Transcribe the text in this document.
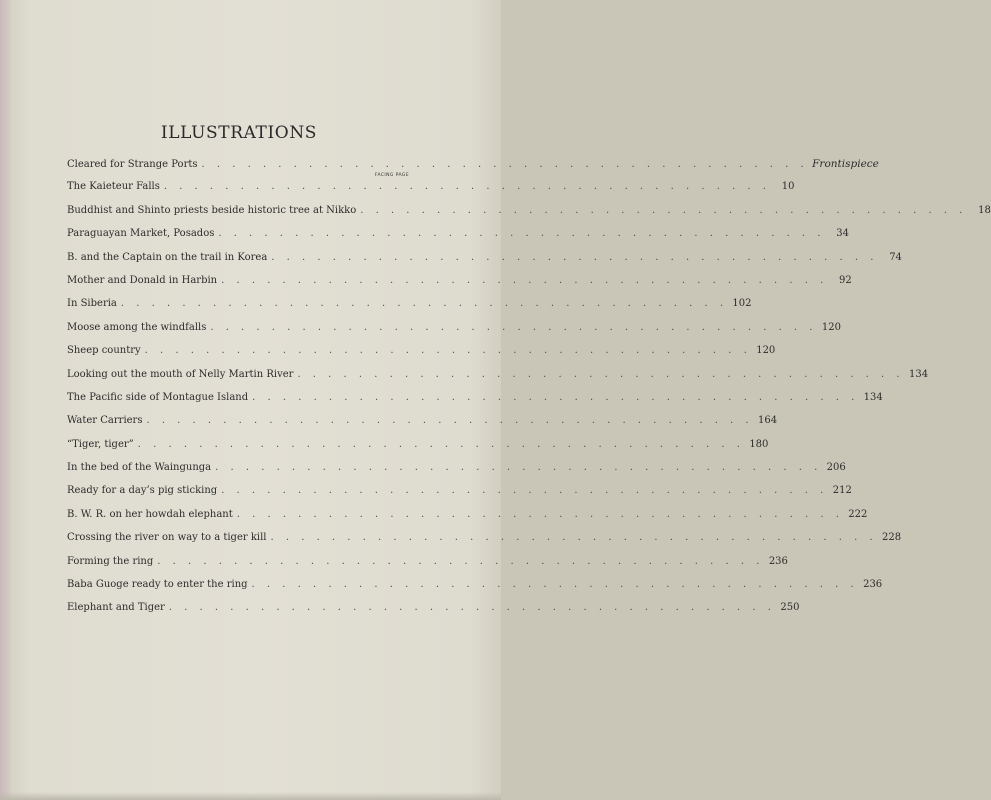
ILLUSTRATIONS
FACING PAGE
Cleared for Strange Ports . . . . . . . . . . . . . . . . . . . . . . . . . . . . . . . . . . . . . . . . Frontispiece
The Kaieteur Falls . . . . . . . . . . . . . . . . . . . . . . . . . . . . . . . . . . . . . . . .	10
Buddhist and Shinto priests beside historic tree at Nikko . . . . . . . . . . . . . . . . . . . . . . . . . . . . . . . . . . . . . . . .	18
Paraguayan Market, Posados . . . . . . . . . . . . . . . . . . . . . . . . . . . . . . . . . . . . . . . .	34
B. and the Captain on the trail in Korea . . . . . . . . . . . . . . . . . . . . . . . . . . . . . . . . . . . . . . . .	74
Mother and Donald in Harbin . . . . . . . . . . . . . . . . . . . . . . . . . . . . . . . . . . . . . . . .	92
In Siberia . . . . . . . . . . . . . . . . . . . . . . . . . . . . . . . . . . . . . . . . 102
Moose among the windfalls . . . . . . . . . . . . . . . . . . . . . . . . . . . . . . . . . . . . . . . . 120
Sheep country . . . . . . . . . . . . . . . . . . . . . . . . . . . . . . . . . . . . . . . . 120
Looking out the mouth of Nelly Martin River . . . . . . . . . . . . . . . . . . . . . . . . . . . . . . . . . . . . . . . . 134
The Pacific side of Montague Island . . . . . . . . . . . . . . . . . . . . . . . . . . . . . . . . . . . . . . . . 134
Water Carriers . . . . . . . . . . . . . . . . . . . . . . . . . . . . . . . . . . . . . . . . 164
“Tiger, tiger” . . . . . . . . . . . . . . . . . . . . . . . . . . . . . . . . . . . . . . . . 180
In the bed of the Waingunga . . . . . . . . . . . . . . . . . . . . . . . . . . . . . . . . . . . . . . . . 206
Ready for a day’s pig sticking . . . . . . . . . . . . . . . . . . . . . . . . . . . . . . . . . . . . . . . . 212
B. W. R. on her howdah elephant . . . . . . . . . . . . . . . . . . . . . . . . . . . . . . . . . . . . . . . . 222
Crossing the river on way to a tiger kill . . . . . . . . . . . . . . . . . . . . . . . . . . . . . . . . . . . . . . . . 228
Forming the ring . . . . . . . . . . . . . . . . . . . . . . . . . . . . . . . . . . . . . . . . 236
Baba Guoge ready to enter the ring . . . . . . . . . . . . . . . . . . . . . . . . . . . . . . . . . . . . . . . . 236
Elephant and Tiger . . . . . . . . . . . . . . . . . . . . . . . . . . . . . . . . . . . . . . . . 250
